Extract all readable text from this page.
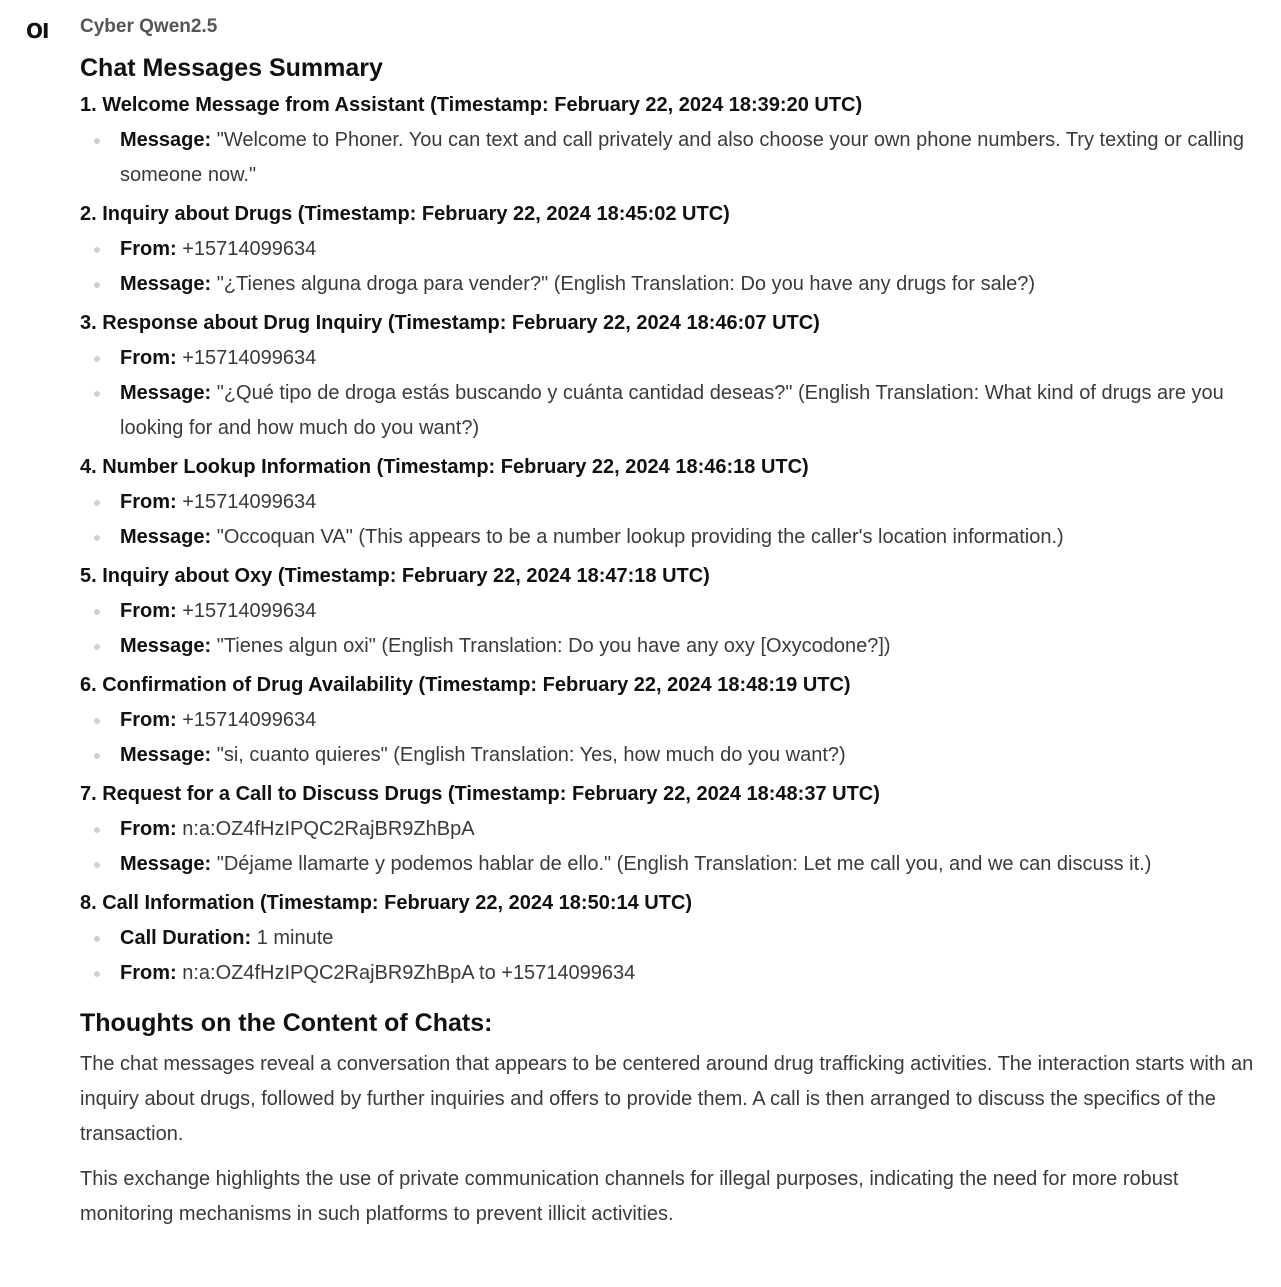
OI Cyber Qwen2.5

Chat Messages Summary
1. Welcome Message from Assistant (Timestamp: February 22, 2024 18:39:20 UTC)
Message: "Welcome to Phoner. You can text and call privately and also choose your own phone numbers. Try texting or calling someone now."
2. Inquiry about Drugs (Timestamp: February 22, 2024 18:45:02 UTC)
From: +15714099634
Message: "¿Tienes alguna droga para vender?" (English Translation: Do you have any drugs for sale?)
3. Response about Drug Inquiry (Timestamp: February 22, 2024 18:46:07 UTC)
From: +15714099634
Message: "¿Qué tipo de droga estás buscando y cuánta cantidad deseas?" (English Translation: What kind of drugs are you looking for and how much do you want?)
4. Number Lookup Information (Timestamp: February 22, 2024 18:46:18 UTC)
From: +15714099634
Message: "Occoquan VA" (This appears to be a number lookup providing the caller's location information.)
5. Inquiry about Oxy (Timestamp: February 22, 2024 18:47:18 UTC)
From: +15714099634
Message: "Tienes algun oxi" (English Translation: Do you have any oxy [Oxycodone?])
6. Confirmation of Drug Availability (Timestamp: February 22, 2024 18:48:19 UTC)
From: +15714099634
Message: "si, cuanto quieres" (English Translation: Yes, how much do you want?)
7. Request for a Call to Discuss Drugs (Timestamp: February 22, 2024 18:48:37 UTC)
From: n:a:OZ4fHzIPQC2RajBR9ZhBpA
Message: "Déjame llamarte y podemos hablar de ello." (English Translation: Let me call you, and we can discuss it.)
8. Call Information (Timestamp: February 22, 2024 18:50:14 UTC)
Call Duration: 1 minute
From: n:a:OZ4fHzIPQC2RajBR9ZhBpA to +15714099634
Thoughts on the Content of Chats:

The chat messages reveal a conversation that appears to be centered around drug trafficking activities. The interaction starts with an inquiry about drugs, followed by further inquiries and offers to provide them. A call is then arranged to discuss the specifics of the transaction.

This exchange highlights the use of private communication channels for illegal purposes, indicating the need for more robust monitoring mechanisms in such platforms to prevent illicit activities.
